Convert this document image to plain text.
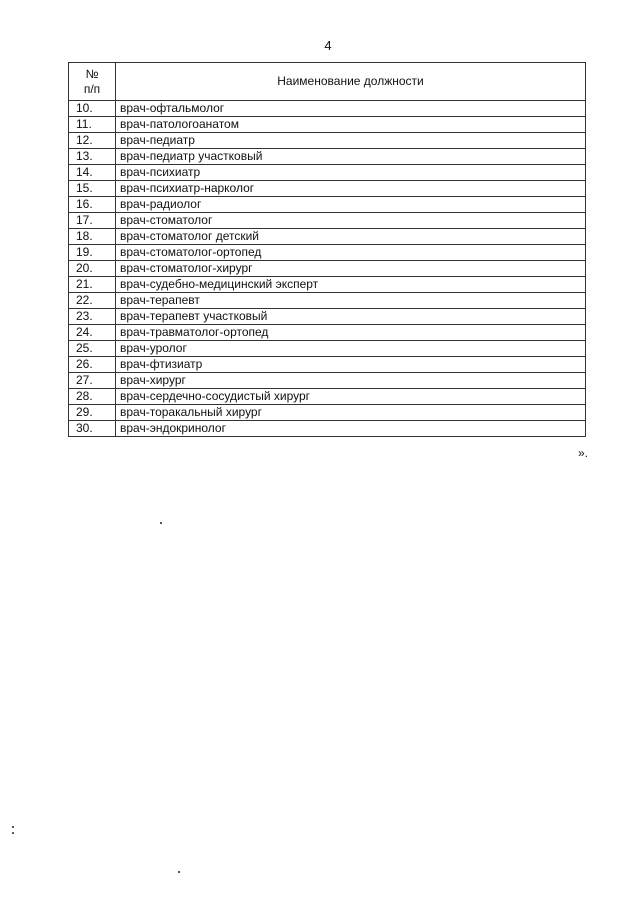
4
№
п/п	Наименование должности
10.	врач-офтальмолог
11.	врач-патологоанатом
12.	врач-педиатр
13.	врач-педиатр участковый
14.	врач-психиатр
15.	врач-психиатр-нарколог
16.	врач-радиолог
17.	врач-стоматолог
18.	врач-стоматолог детский
19.	врач-стоматолог-ортопед
20.	врач-стоматолог-хирург
21.	врач-судебно-медицинский эксперт
22.	врач-терапевт
23.	врач-терапевт участковый
24.	врач-травматолог-ортопед
25.	врач-уролог
26.	врач-фтизиатр
27.	врач-хирург
28.	врач-сердечно-сосудистый хирург
29.	врач-торакальный хирург
30.	врач-эндокринолог
».
